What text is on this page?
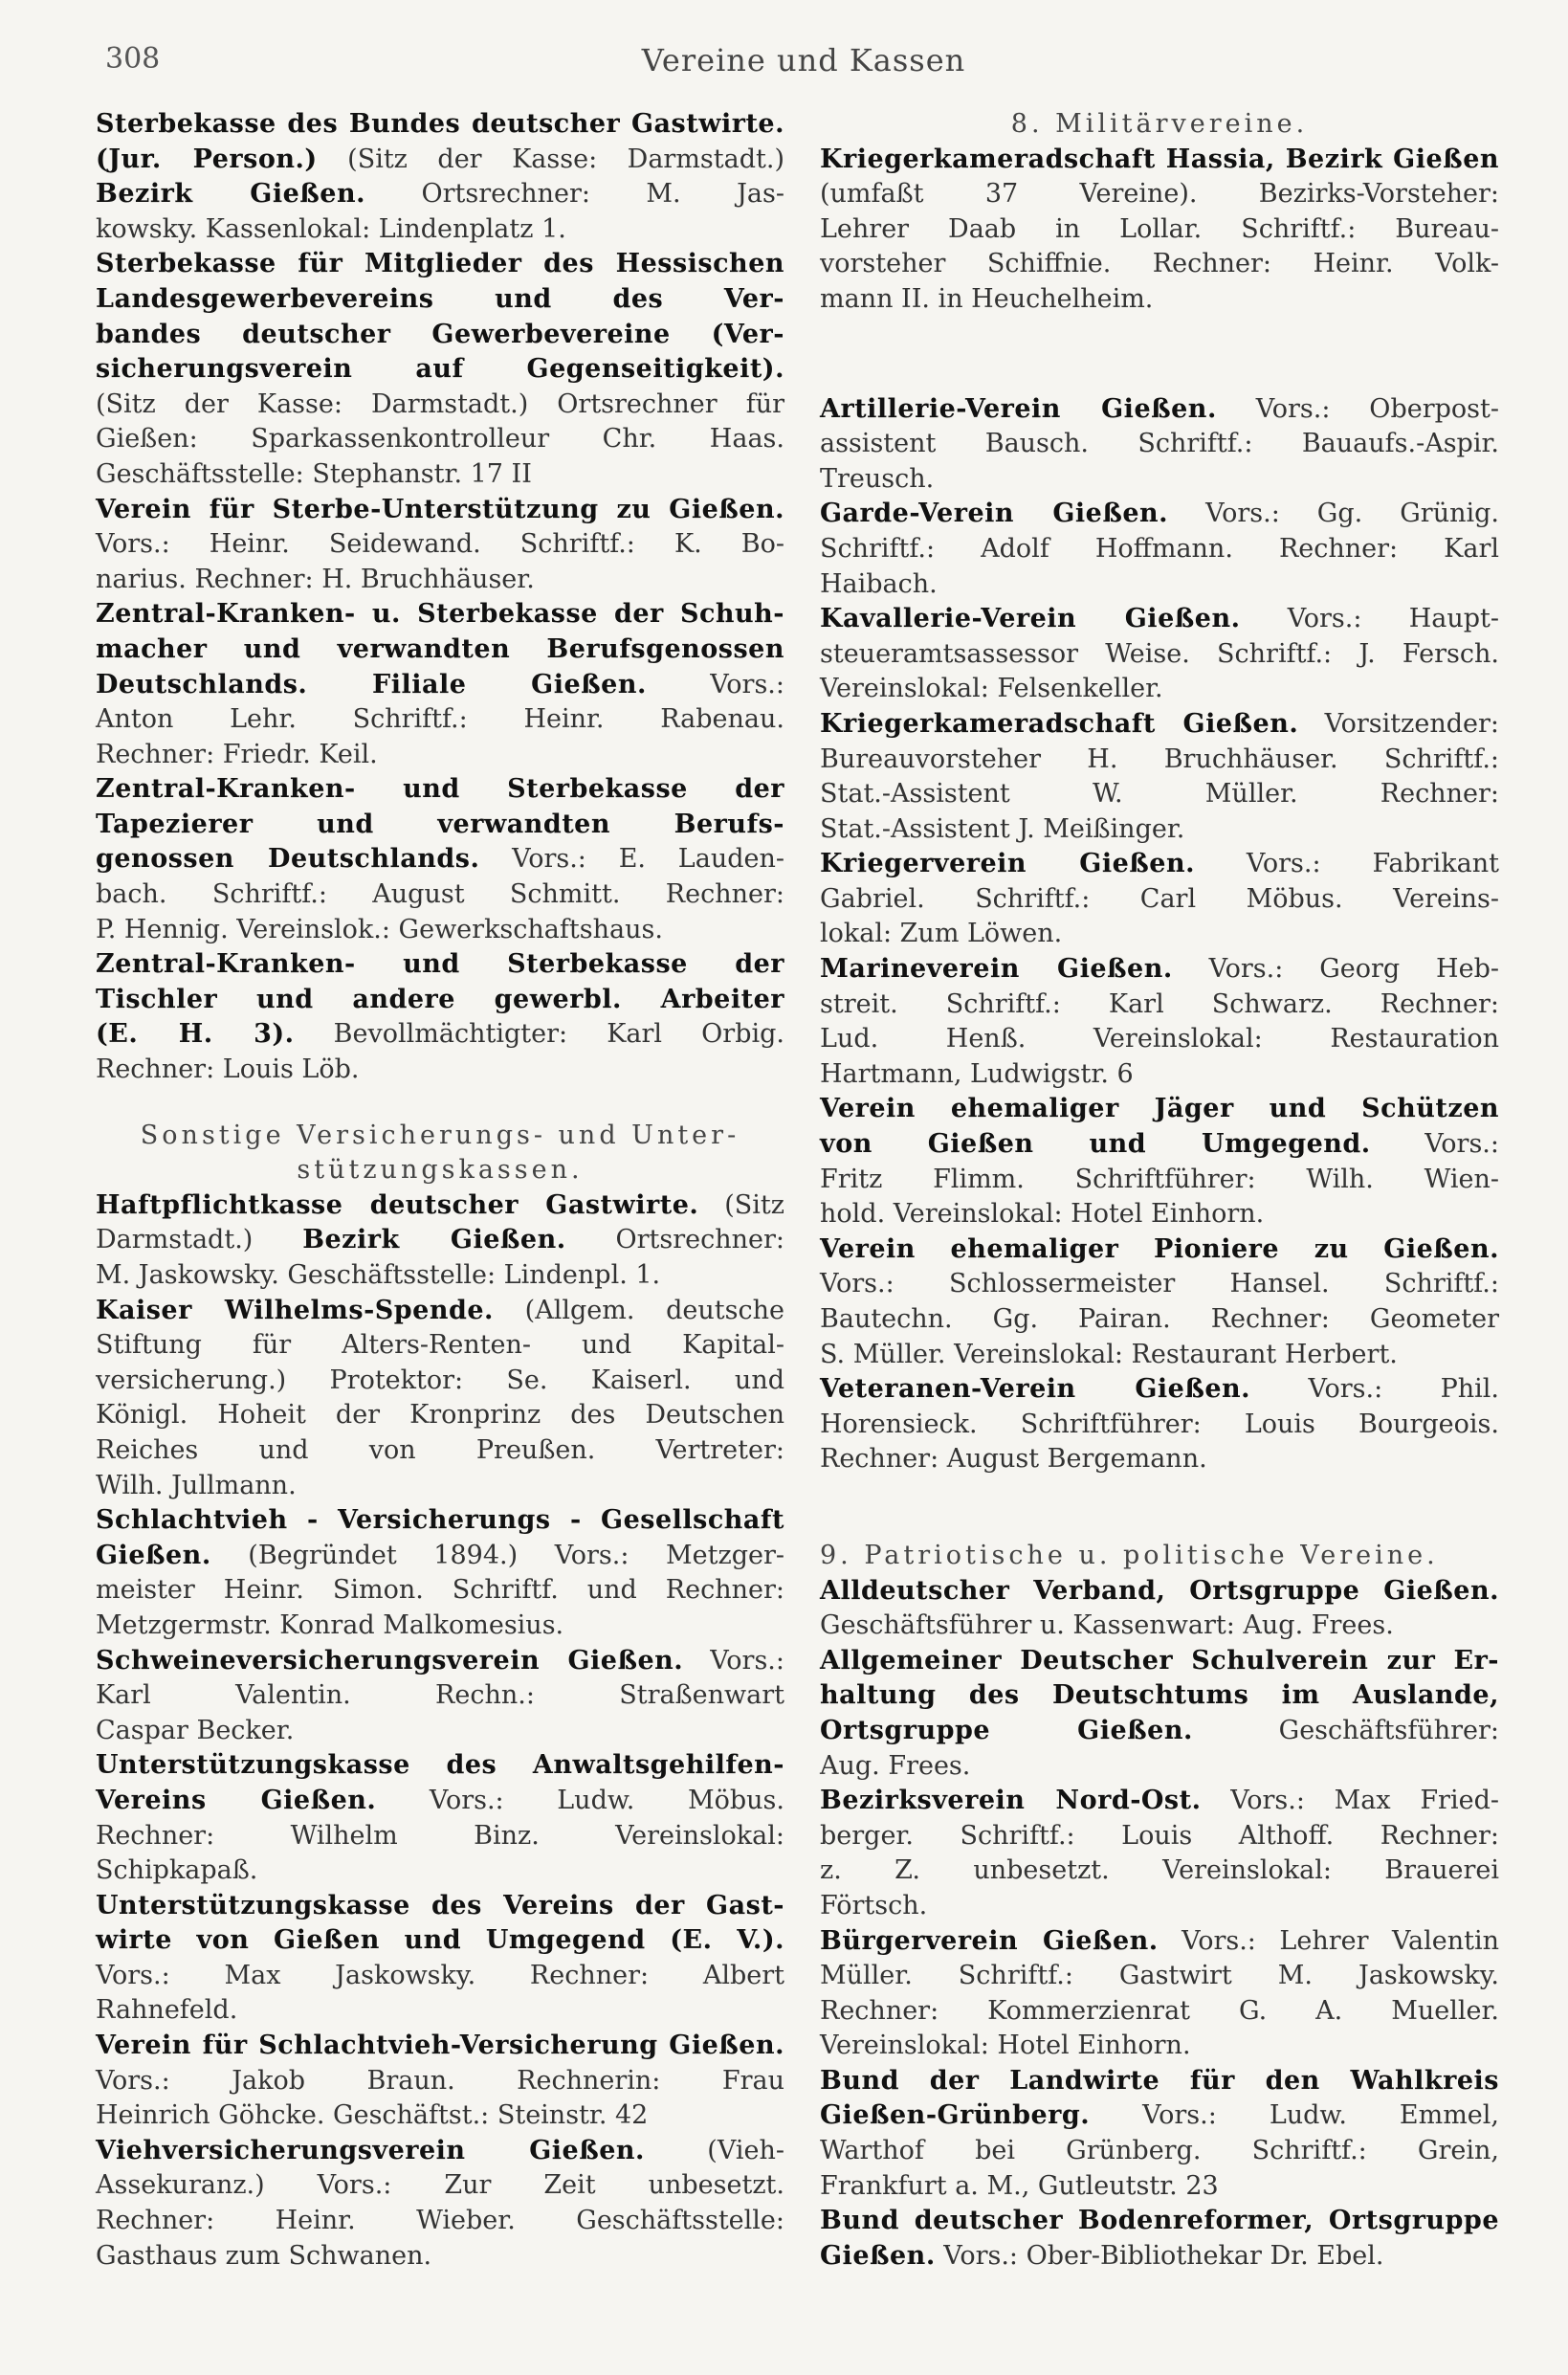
308	Vereine und Kassen
Sterbekasse des Bundes deutscher Gastwirte.
(Jur. Person.) (Sitz der Kasse: Darmstadt.)
Bezirk Gießen. Ortsrechner: M. Jas-
kowsky. Kassenlokal: Lindenplatz 1.
Sterbekasse für Mitglieder des Hessischen
Landesgewerbevereins und des Ver-
bandes deutscher Gewerbevereine (Ver-
sicherungsverein auf Gegenseitigkeit).
(Sitz der Kasse: Darmstadt.) Ortsrechner für
Gießen: Sparkassenkontrolleur Chr. Haas.
Geschäftsstelle: Stephanstr. 17 II
Verein für Sterbe-Unterstützung zu Gießen.
Vors.: Heinr. Seidewand. Schriftf.: K. Bo-
narius. Rechner: H. Bruchhäuser.
Zentral-Kranken- u. Sterbekasse der Schuh-
macher und verwandten Berufsgenossen
Deutschlands. Filiale Gießen. Vors.:
Anton Lehr. Schriftf.: Heinr. Rabenau.
Rechner: Friedr. Keil.
Zentral-Kranken- und Sterbekasse der
Tapezierer und verwandten Berufs-
genossen Deutschlands. Vors.: E. Lauden-
bach. Schriftf.: August Schmitt. Rechner:
P. Hennig. Vereinslok.: Gewerkschaftshaus.
Zentral-Kranken- und Sterbekasse der
Tischler und andere gewerbl. Arbeiter
(E. H. 3). Bevollmächtigter: Karl Orbig.
Rechner: Louis Löb.
Sonstige Versicherungs- und Unter-
stützungskassen.
Haftpflichtkasse deutscher Gastwirte. (Sitz
Darmstadt.) Bezirk Gießen. Ortsrechner:
M. Jaskowsky. Geschäftsstelle: Lindenpl. 1.
Kaiser Wilhelms-Spende. (Allgem. deutsche
Stiftung für Alters-Renten- und Kapital-
versicherung.) Protektor: Se. Kaiserl. und
Königl. Hoheit der Kronprinz des Deutschen
Reiches und von Preußen. Vertreter:
Wilh. Jullmann.
Schlachtvieh - Versicherungs - Gesellschaft
Gießen. (Begründet 1894.) Vors.: Metzger-
meister Heinr. Simon. Schriftf. und Rechner:
Metzgermstr. Konrad Malkomesius.
Schweineversicherungsverein Gießen. Vors.:
Karl Valentin. Rechn.: Straßenwart
Caspar Becker.
Unterstützungskasse des Anwaltsgehilfen-
Vereins Gießen. Vors.: Ludw. Möbus.
Rechner: Wilhelm Binz. Vereinslokal:
Schipkapaß.
Unterstützungskasse des Vereins der Gast-
wirte von Gießen und Umgegend (E. V.).
Vors.: Max Jaskowsky. Rechner: Albert
Rahnefeld.
Verein für Schlachtvieh-Versicherung Gießen.
Vors.: Jakob Braun. Rechnerin: Frau
Heinrich Göhcke. Geschäftst.: Steinstr. 42
Viehversicherungsverein Gießen. (Vieh-
Assekuranz.) Vors.: Zur Zeit unbesetzt.
Rechner: Heinr. Wieber. Geschäftsstelle:
Gasthaus zum Schwanen.
8. Militärvereine.
Kriegerkameradschaft Hassia, Bezirk Gießen
(umfaßt 37 Vereine). Bezirks-Vorsteher:
Lehrer Daab in Lollar. Schriftf.: Bureau-
vorsteher Schiffnie. Rechner: Heinr. Volk-
mann II. in Heuchelheim.
Artillerie-Verein Gießen. Vors.: Oberpost-
assistent Bausch. Schriftf.: Bauaufs.-Aspir.
Treusch.
Garde-Verein Gießen. Vors.: Gg. Grünig.
Schriftf.: Adolf Hoffmann. Rechner: Karl
Haibach.
Kavallerie-Verein Gießen. Vors.: Haupt-
steueramtsassessor Weise. Schriftf.: J. Fersch.
Vereinslokal: Felsenkeller.
Kriegerkameradschaft Gießen. Vorsitzender:
Bureauvorsteher H. Bruchhäuser. Schriftf.:
Stat.-Assistent W. Müller. Rechner:
Stat.-Assistent J. Meißinger.
Kriegerverein Gießen. Vors.: Fabrikant
Gabriel. Schriftf.: Carl Möbus. Vereins-
lokal: Zum Löwen.
Marineverein Gießen. Vors.: Georg Heb-
streit. Schriftf.: Karl Schwarz. Rechner:
Lud. Henß. Vereinslokal: Restauration
Hartmann, Ludwigstr. 6
Verein ehemaliger Jäger und Schützen
von Gießen und Umgegend. Vors.:
Fritz Flimm. Schriftführer: Wilh. Wien-
hold. Vereinslokal: Hotel Einhorn.
Verein ehemaliger Pioniere zu Gießen.
Vors.: Schlossermeister Hansel. Schriftf.:
Bautechn. Gg. Pairan. Rechner: Geometer
S. Müller. Vereinslokal: Restaurant Herbert.
Veteranen-Verein Gießen. Vors.: Phil.
Horensieck. Schriftführer: Louis Bourgeois.
Rechner: August Bergemann.
9. Patriotische u. politische Vereine.
Alldeutscher Verband, Ortsgruppe Gießen.
Geschäftsführer u. Kassenwart: Aug. Frees.
Allgemeiner Deutscher Schulverein zur Er-
haltung des Deutschtums im Auslande,
Ortsgruppe Gießen. Geschäftsführer:
Aug. Frees.
Bezirksverein Nord-Ost. Vors.: Max Fried-
berger. Schriftf.: Louis Althoff. Rechner:
z. Z. unbesetzt. Vereinslokal: Brauerei
Förtsch.
Bürgerverein Gießen. Vors.: Lehrer Valentin
Müller. Schriftf.: Gastwirt M. Jaskowsky.
Rechner: Kommerzienrat G. A. Mueller.
Vereinslokal: Hotel Einhorn.
Bund der Landwirte für den Wahlkreis
Gießen-Grünberg. Vors.: Ludw. Emmel,
Warthof bei Grünberg. Schriftf.: Grein,
Frankfurt a. M., Gutleutstr. 23
Bund deutscher Bodenreformer, Ortsgruppe
Gießen. Vors.: Ober-Bibliothekar Dr. Ebel.
